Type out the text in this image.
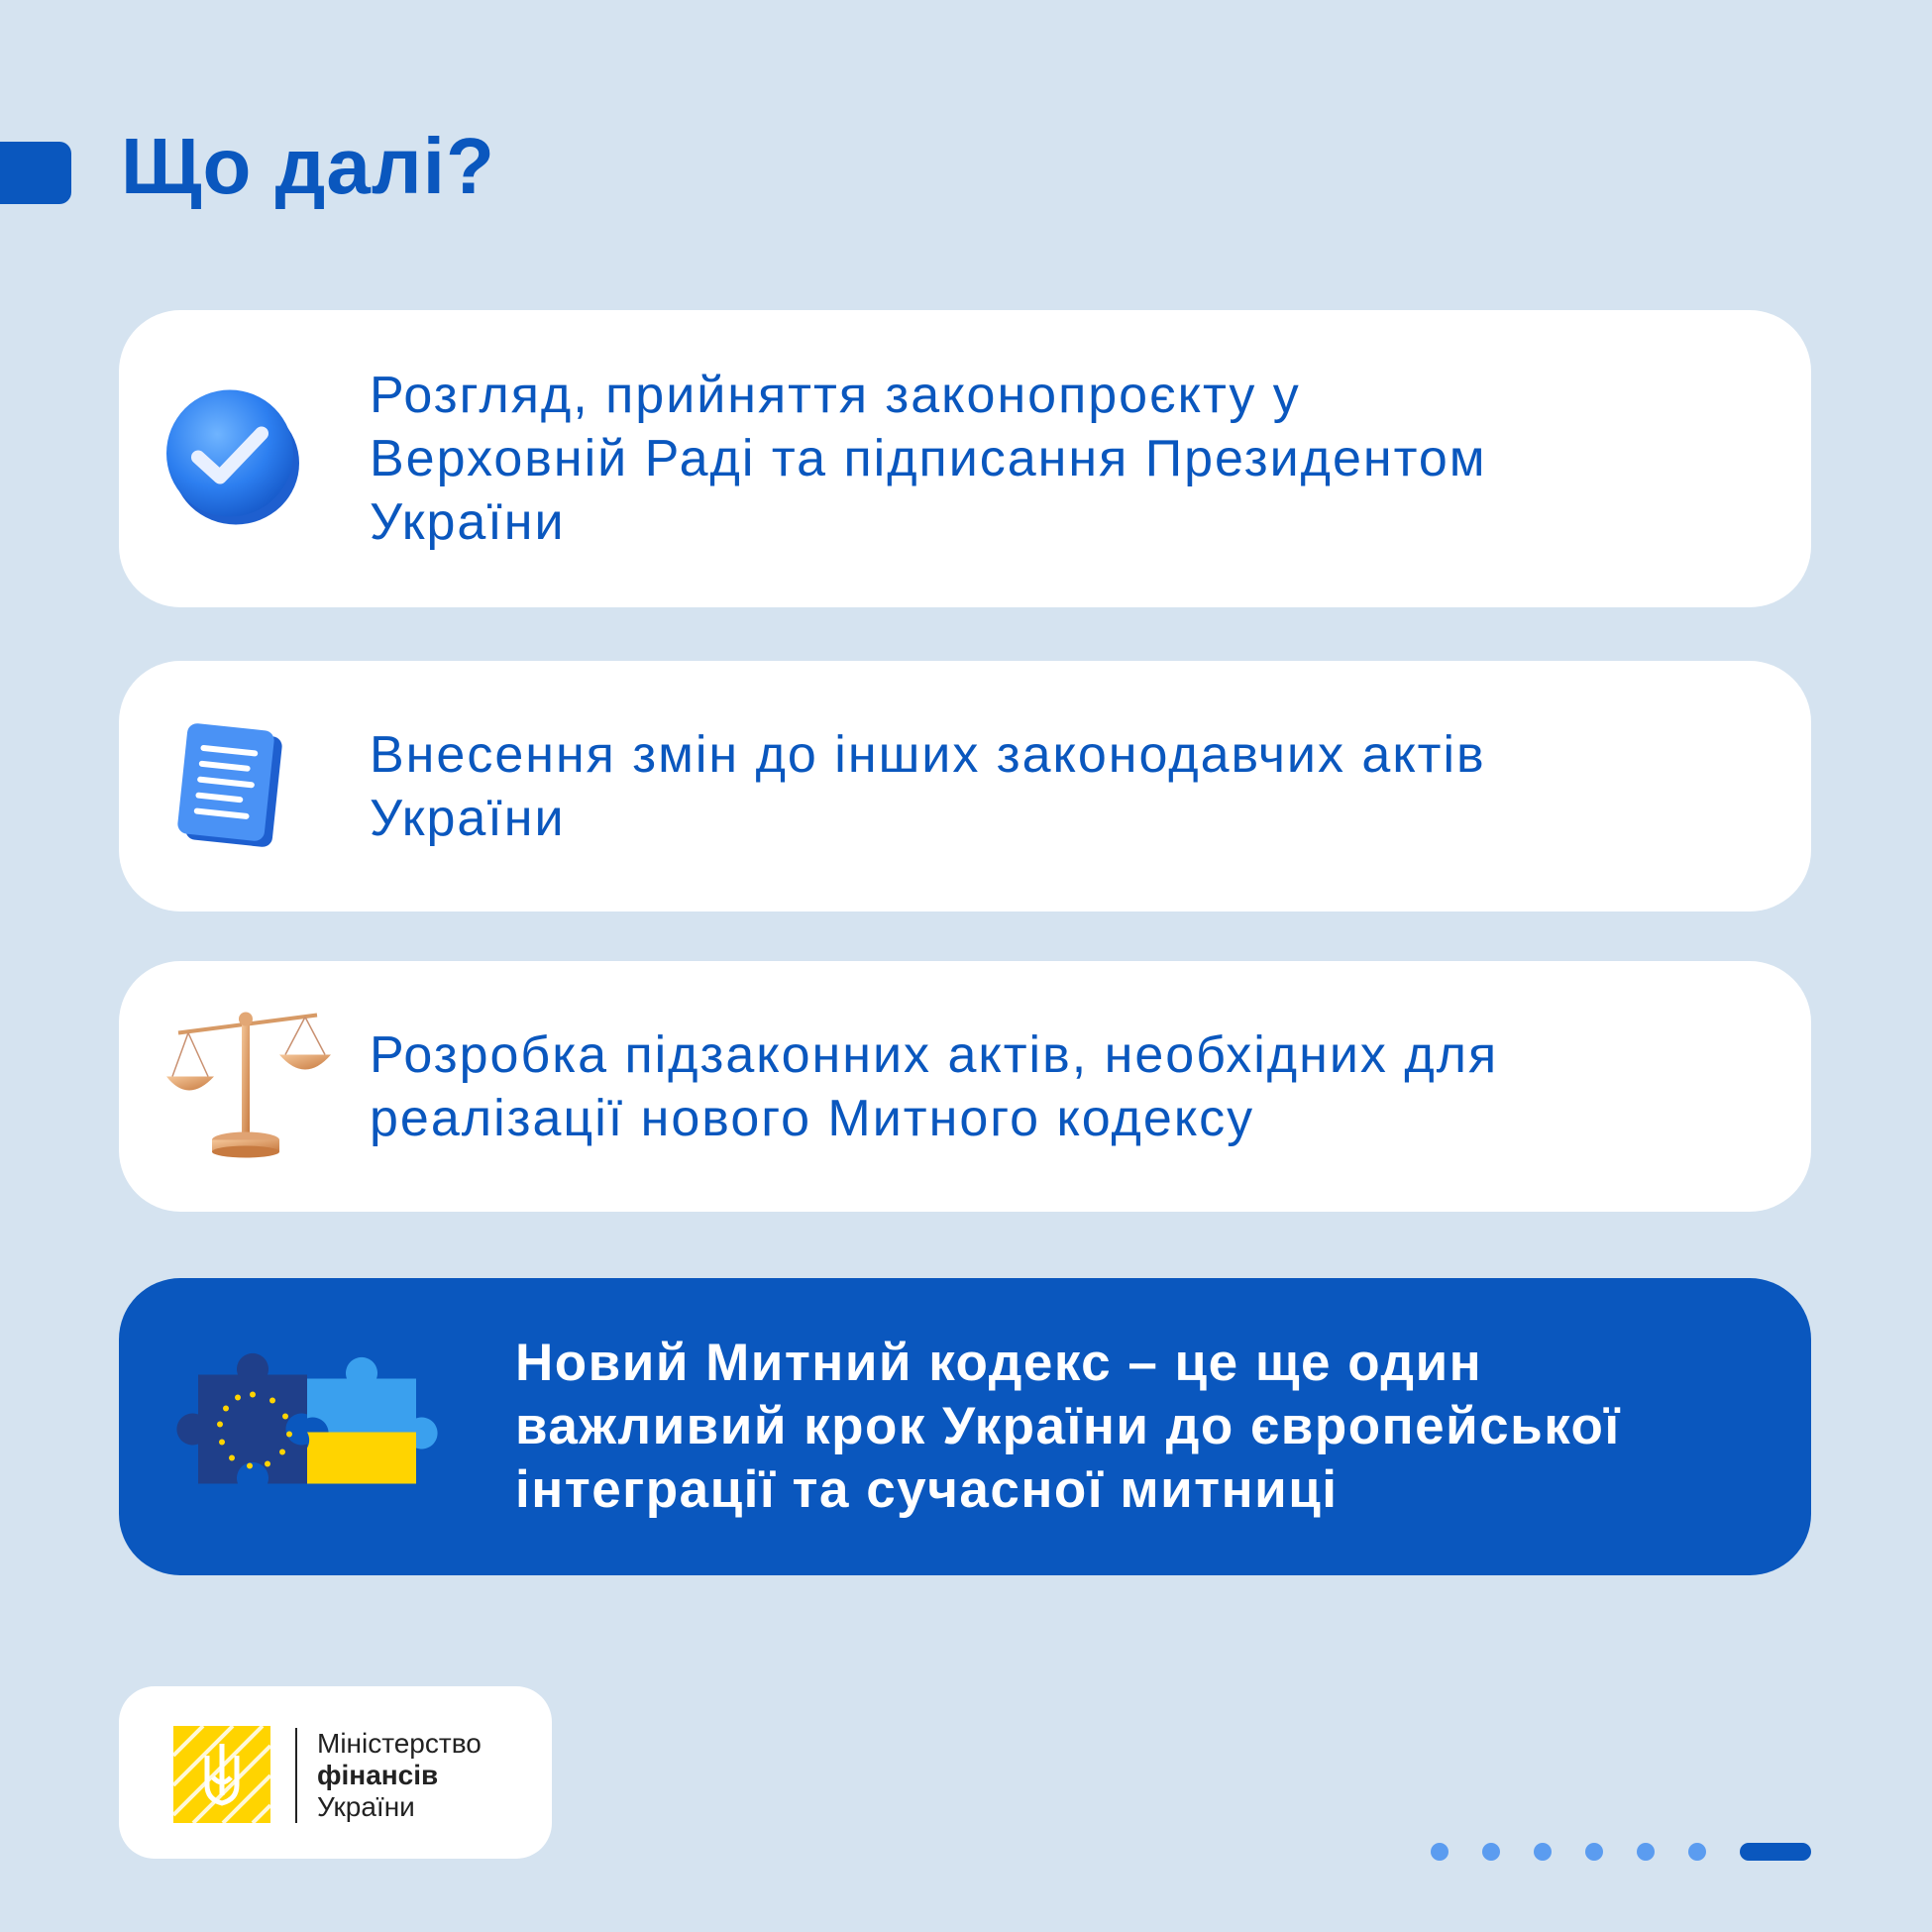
Що далі?
Розгляд, прийняття законопроєкту у
Верховній Раді та підписання Президентом
України
Внесення змін до інших законодавчих актів
України
Розробка підзаконних актів, необхідних для
реалізації нового Митного кодексу
Новий Митний кодекс – це ще один
важливий крок України до європейської
інтеграції та сучасної митниці
Міністерство
фінансів
України
